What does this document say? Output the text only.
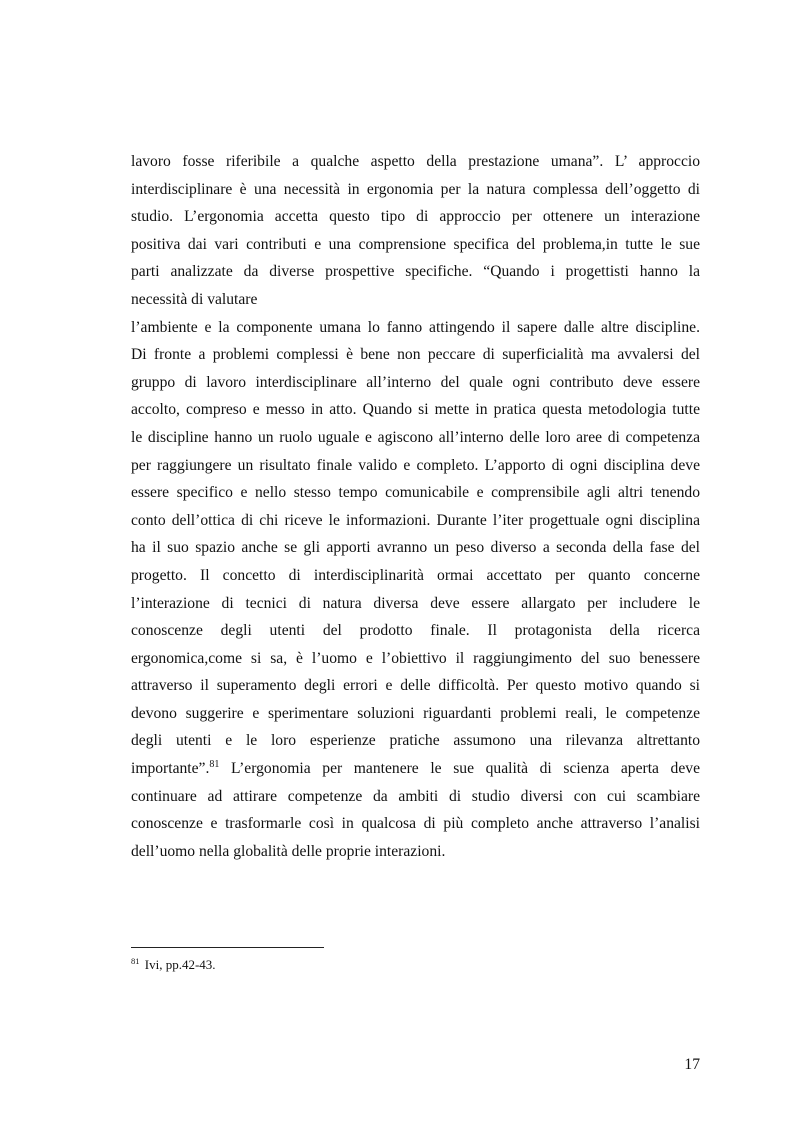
lavoro fosse riferibile a qualche aspetto della prestazione umana”. L’ approccio
interdisciplinare è una necessità in ergonomia per la natura complessa dell’oggetto di
studio. L’ergonomia accetta questo tipo di approccio per ottenere un interazione
positiva dai vari contributi e una comprensione specifica del problema,in tutte le sue
parti analizzate da diverse prospettive specifiche. “Quando i progettisti hanno la
necessità di valutare
l’ambiente e la componente umana lo fanno attingendo il sapere dalle altre discipline.
Di fronte a problemi complessi è bene non peccare di superficialità ma avvalersi del
gruppo di lavoro interdisciplinare all’interno del quale ogni contributo deve essere
accolto, compreso e messo in atto. Quando si mette in pratica questa metodologia tutte
le discipline hanno un ruolo uguale e agiscono all’interno delle loro aree di competenza
per raggiungere un risultato finale valido e completo. L’apporto di ogni disciplina deve
essere specifico e nello stesso tempo comunicabile e comprensibile agli altri tenendo
conto dell’ottica di chi riceve le informazioni. Durante l’iter progettuale ogni disciplina
ha il suo spazio anche se gli apporti avranno un peso diverso a seconda della fase del
progetto. Il concetto di interdisciplinarità ormai accettato per quanto concerne
l’interazione di tecnici di natura diversa deve essere allargato per includere le
conoscenze degli utenti del prodotto finale. Il protagonista della ricerca
ergonomica,come si sa, è l’uomo e l’obiettivo il raggiungimento del suo benessere
attraverso il superamento degli errori e delle difficoltà. Per questo motivo quando si
devono suggerire e sperimentare soluzioni riguardanti problemi reali, le competenze
degli utenti e le loro esperienze pratiche assumono una rilevanza altrettanto
importante”.$^{81}$ L’ergonomia per mantenere le sue qualità di scienza aperta deve
continuare ad attirare competenze da ambiti di studio diversi con cui scambiare
conoscenze e trasformarle così in qualcosa di più completo anche attraverso l’analisi
dell’uomo nella globalità delle proprie interazioni.
$^{81}$ Ivi, pp.42-43.
17
